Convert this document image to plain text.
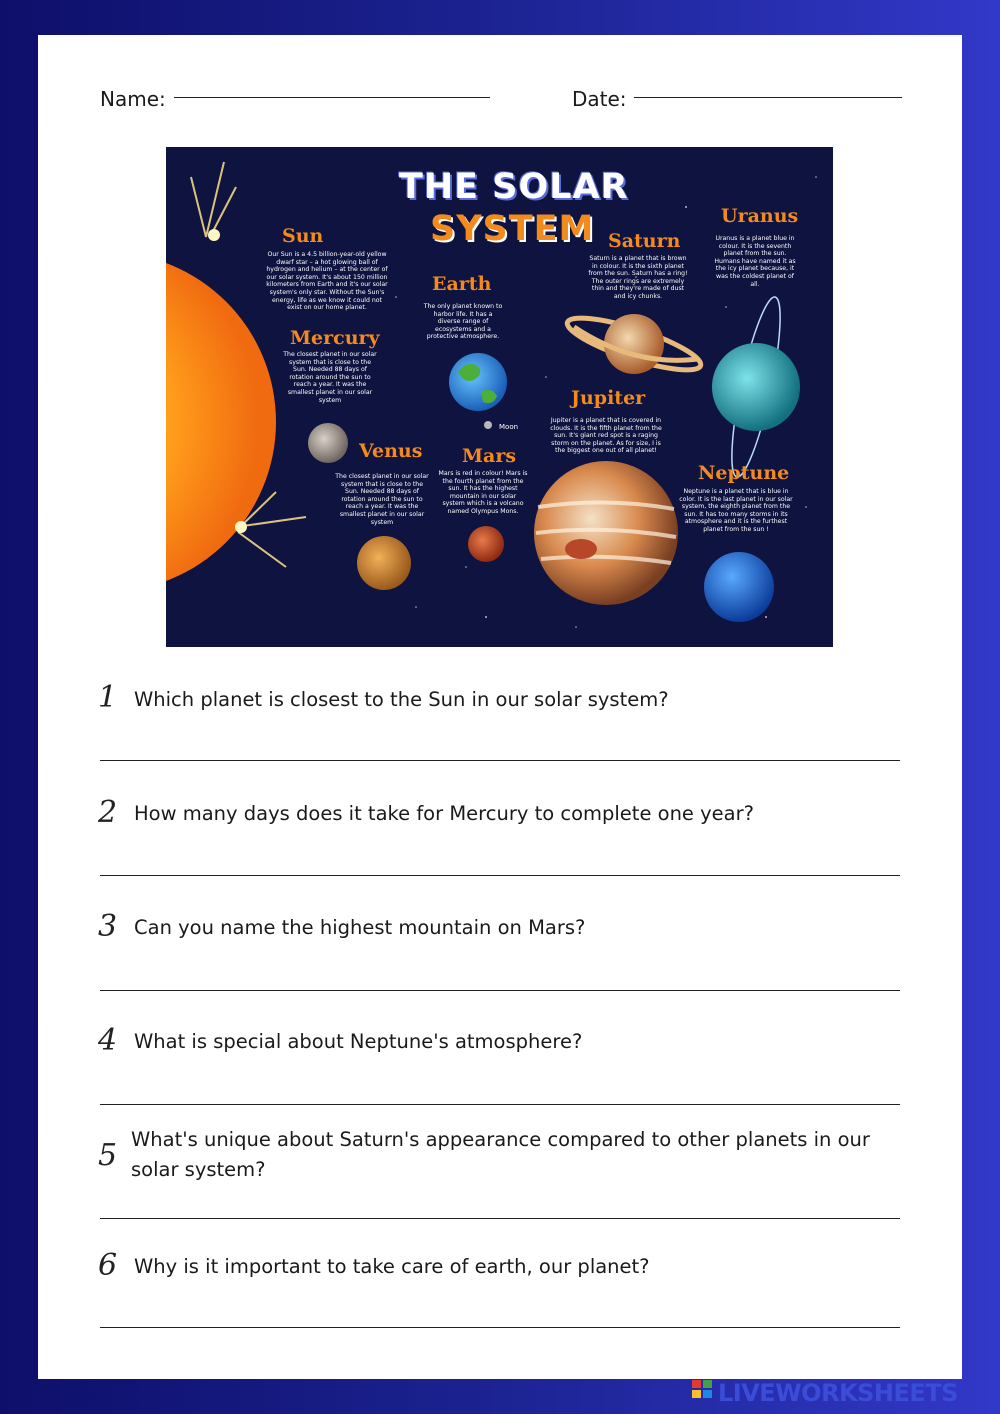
Name:	Date:
THE SOLAR
SYSTEM
Sun
Our Sun is a 4.5 billion-year-old yellow dwarf star – a hot glowing ball of hydrogen and helium – at the center of our solar system. It's about 150 million kilometers from Earth and it's our solar system's only star. Without the Sun's energy, life as we know it could not exist on our home planet.
Mercury
The closest planet in our solar system that is close to the Sun. Needed 88 days of rotation around the sun to reach a year. It was the smallest planet in our solar system
Venus
The closest planet in our solar system that is close to the Sun. Needed 88 days of rotation around the sun to reach a year. It was the smallest planet in our solar system
Earth
The only planet known to harbor life. It has a diverse range of ecosystems and a protective atmosphere.
Moon
Mars
Mars is red in colour! Mars is the fourth planet from the sun. It has the highest mountain in our solar system which is a volcano named Olympus Mons.
Saturn
Saturn is a planet that is brown in colour. It is the sixth planet from the sun. Saturn has a ring! The outer rings are extremely thin and they're made of dust and icy chunks.
Uranus
Uranus is a planet blue in colour. It is the seventh planet from the sun. Humans have named it as the icy planet because, it was the coldest planet of all.
Jupiter
Jupiter is a planet that is covered in clouds. It is the fifth planet from the sun. It's giant red spot is a raging storm on the planet. As for size, I is the biggest one out of all planet!
Neptune
Neptune is a planet that is blue in color. It is the last planet in our solar system, the eighth planet from the sun. It has too many storms in its atmosphere and it is the furthest planet from the sun !
1 Which planet is closest to the Sun in our solar system?
2 How many days does it take for Mercury to complete one year?
3 Can you name the highest mountain on Mars?
4 What is special about Neptune's atmosphere?
5 What's unique about Saturn's appearance compared to other planets in our solar system?
6 Why is it important to take care of earth, our planet?
LIVEWORKSHEETS
